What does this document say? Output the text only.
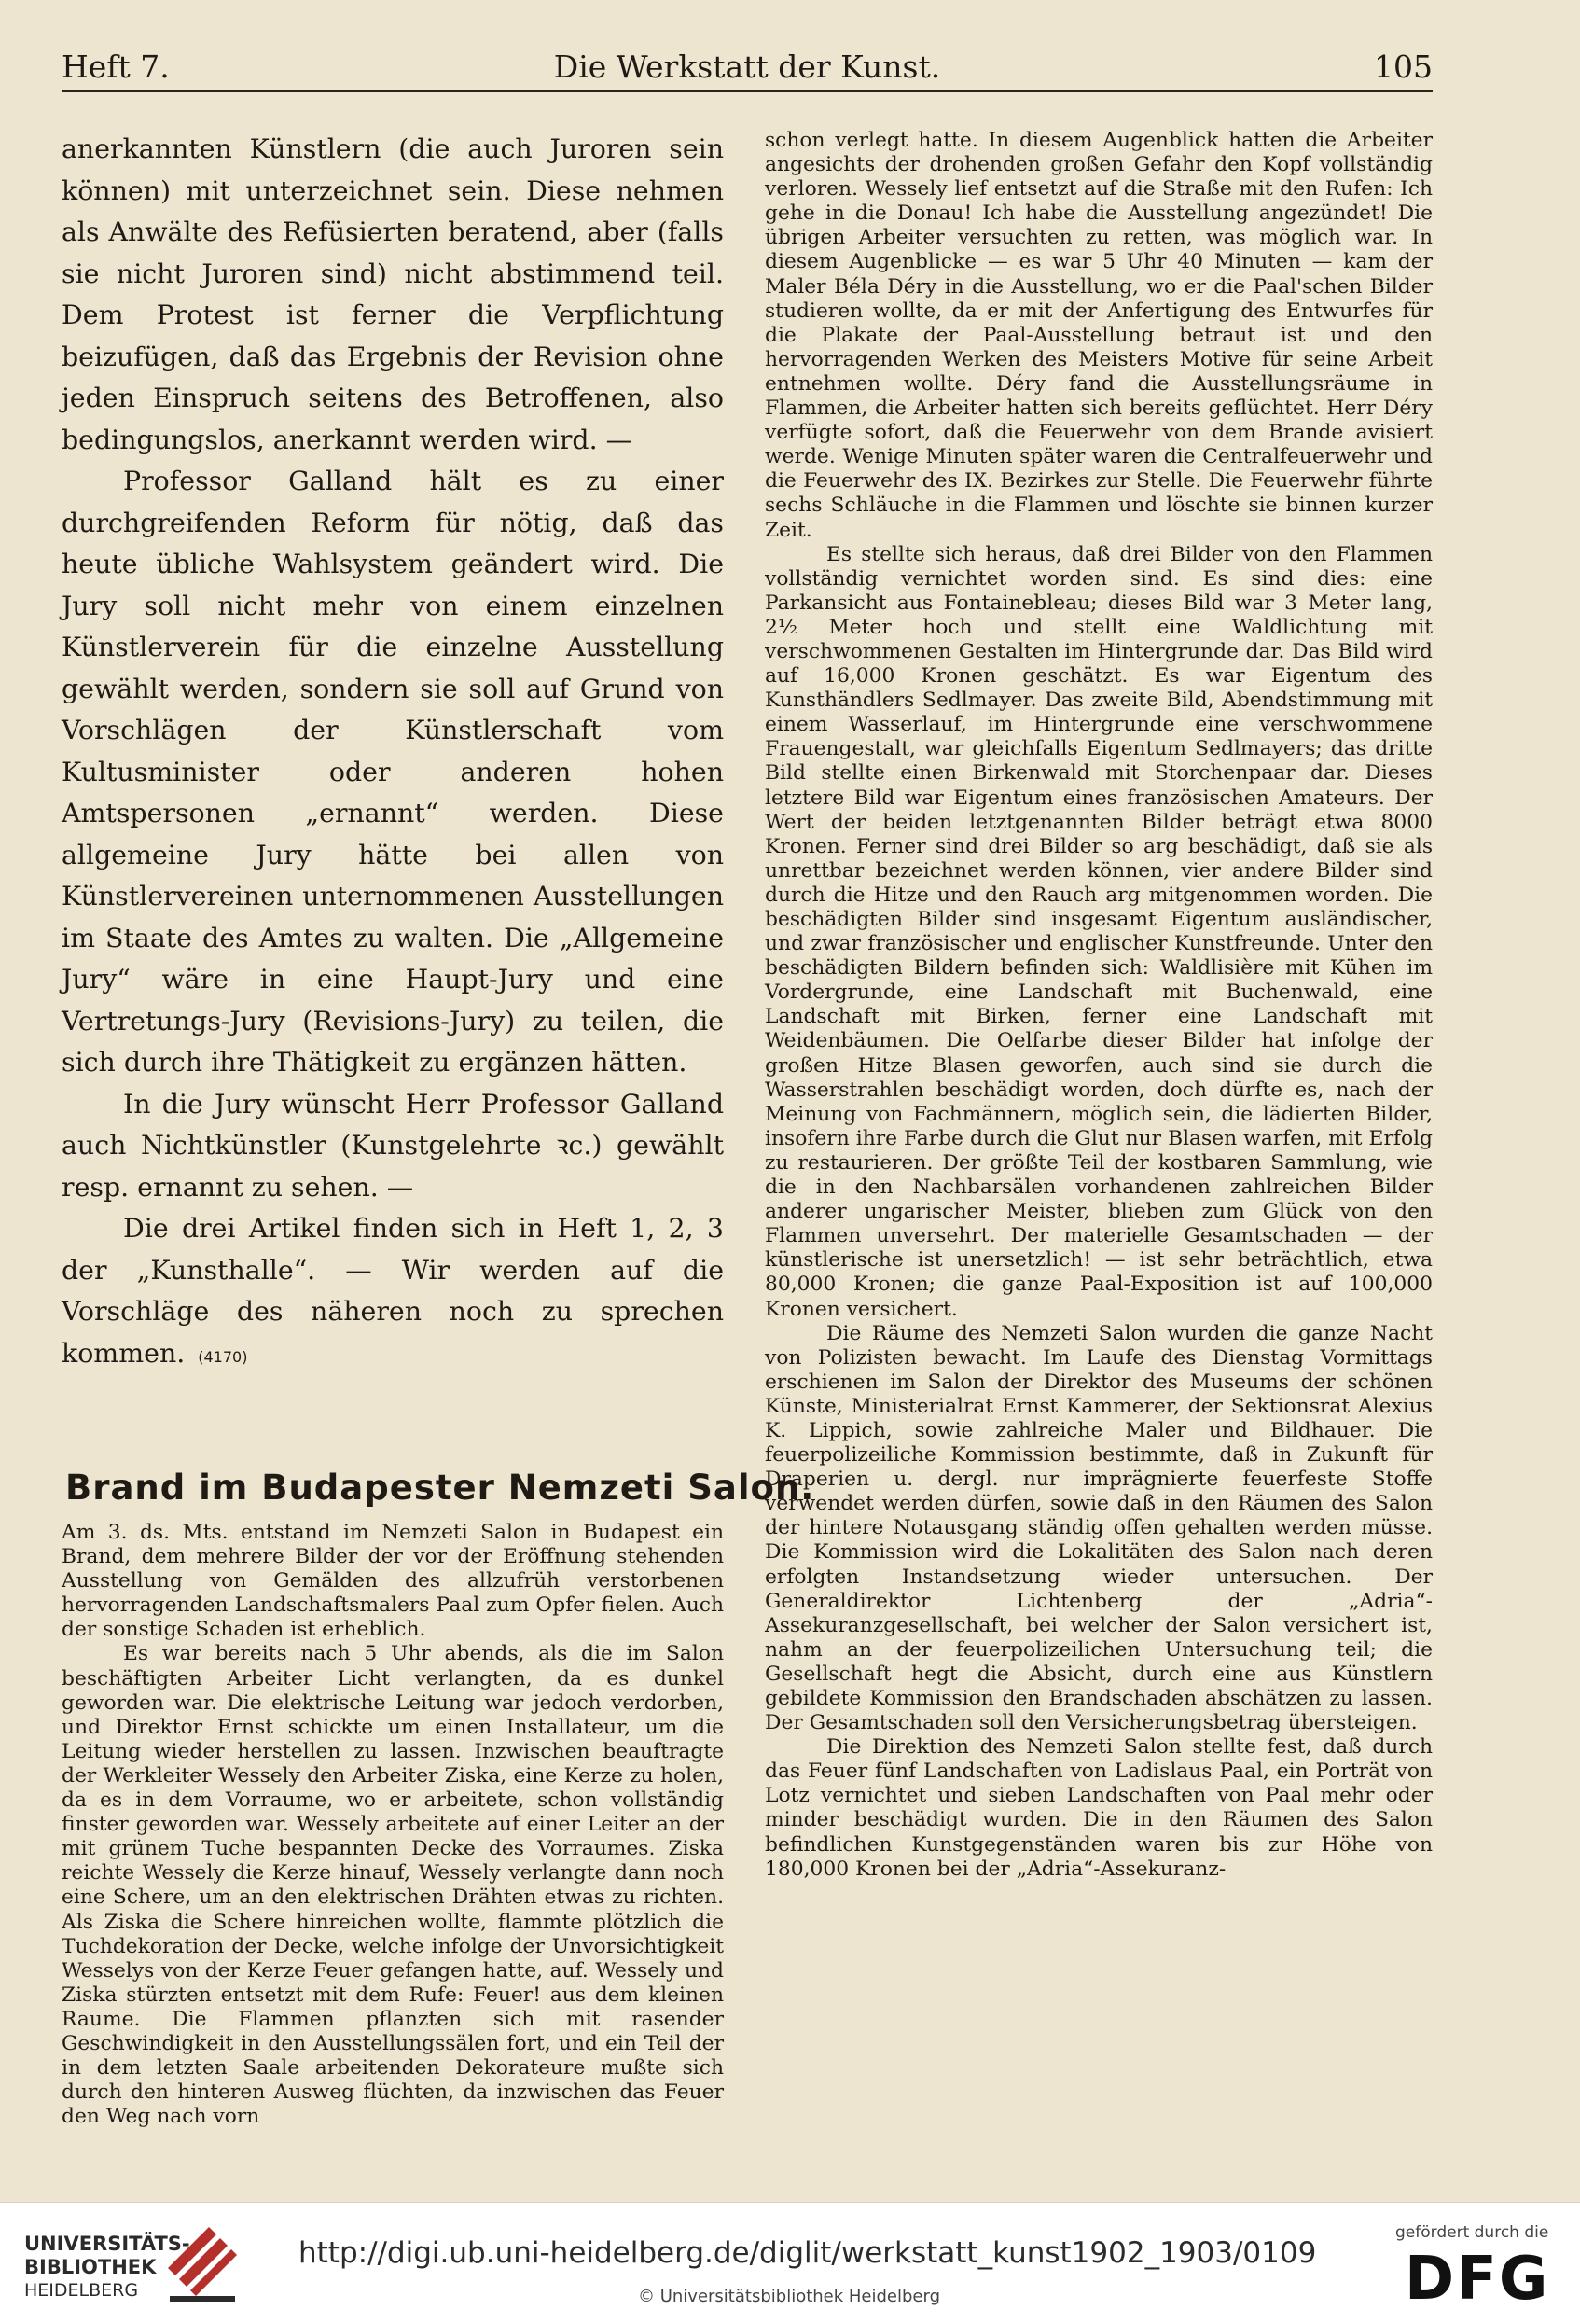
Heft 7.	Die Werkstatt der Kunst.	105

anerkannten Künstlern (die auch Juroren sein können) mit unterzeichnet sein. Diese nehmen als Anwälte des Refüsierten beratend, aber (falls sie nicht Juroren sind) nicht abstimmend teil. Dem Protest ist ferner die Verpflichtung beizufügen, daß das Ergebnis der Revision ohne jeden Einspruch seitens des Betroffenen, also bedingungslos, anerkannt werden wird. —

Professor Galland hält es zu einer durchgreifenden Reform für nötig, daß das heute übliche Wahlsystem geändert wird. Die Jury soll nicht mehr von einem einzelnen Künstlerverein für die einzelne Ausstellung gewählt werden, sondern sie soll auf Grund von Vorschlägen der Künstlerschaft vom Kultusminister oder anderen hohen Amtspersonen „ernannt“ werden. Diese allgemeine Jury hätte bei allen von Künstlervereinen unternommenen Ausstellungen im Staate des Amtes zu walten. Die „Allgemeine Jury“ wäre in eine Haupt-Jury und eine Vertretungs-Jury (Revisions-Jury) zu teilen, die sich durch ihre Thätigkeit zu ergänzen hätten.

In die Jury wünscht Herr Professor Galland auch Nichtkünstler (Kunstgelehrte ꝛc.) gewählt resp. ernannt zu sehen. —

Die drei Artikel finden sich in Heft 1, 2, 3 der „Kunsthalle“. — Wir werden auf die Vorschläge des näheren noch zu sprechen kommen. (4170)

Brand im Budapester Nemzeti Salon.

Am 3. ds. Mts. entstand im Nemzeti Salon in Budapest ein Brand, dem mehrere Bilder der vor der Eröffnung stehenden Ausstellung von Gemälden des allzufrüh verstorbenen hervorragenden Landschaftsmalers Paal zum Opfer fielen. Auch der sonstige Schaden ist erheblich.

Es war bereits nach 5 Uhr abends, als die im Salon beschäftigten Arbeiter Licht verlangten, da es dunkel geworden war. Die elektrische Leitung war jedoch verdorben, und Direktor Ernst schickte um einen Installateur, um die Leitung wieder herstellen zu lassen. Inzwischen beauftragte der Werkleiter Wessely den Arbeiter Ziska, eine Kerze zu holen, da es in dem Vorraume, wo er arbeitete, schon vollständig finster geworden war. Wessely arbeitete auf einer Leiter an der mit grünem Tuche bespannten Decke des Vorraumes. Ziska reichte Wessely die Kerze hinauf, Wessely verlangte dann noch eine Schere, um an den elektrischen Drähten etwas zu richten. Als Ziska die Schere hinreichen wollte, flammte plötzlich die Tuchdekoration der Decke, welche infolge der Unvorsichtigkeit Wesselys von der Kerze Feuer gefangen hatte, auf. Wessely und Ziska stürzten entsetzt mit dem Rufe: Feuer! aus dem kleinen Raume. Die Flammen pflanzten sich mit rasender Geschwindigkeit in den Ausstellungssälen fort, und ein Teil der in dem letzten Saale arbeitenden Dekorateure mußte sich durch den hinteren Ausweg flüchten, da inzwischen das Feuer den Weg nach vorn

schon verlegt hatte. In diesem Augenblick hatten die Arbeiter angesichts der drohenden großen Gefahr den Kopf vollständig verloren. Wessely lief entsetzt auf die Straße mit den Rufen: Ich gehe in die Donau! Ich habe die Ausstellung angezündet! Die übrigen Arbeiter versuchten zu retten, was möglich war. In diesem Augenblicke — es war 5 Uhr 40 Minuten — kam der Maler Béla Déry in die Ausstellung, wo er die Paal'schen Bilder studieren wollte, da er mit der Anfertigung des Entwurfes für die Plakate der Paal-Ausstellung betraut ist und den hervorragenden Werken des Meisters Motive für seine Arbeit entnehmen wollte. Déry fand die Ausstellungsräume in Flammen, die Arbeiter hatten sich bereits geflüchtet. Herr Déry verfügte sofort, daß die Feuerwehr von dem Brande avisiert werde. Wenige Minuten später waren die Centralfeuerwehr und die Feuerwehr des IX. Bezirkes zur Stelle. Die Feuerwehr führte sechs Schläuche in die Flammen und löschte sie binnen kurzer Zeit.

Es stellte sich heraus, daß drei Bilder von den Flammen vollständig vernichtet worden sind. Es sind dies: eine Parkansicht aus Fontainebleau; dieses Bild war 3 Meter lang, 2½ Meter hoch und stellt eine Waldlichtung mit verschwommenen Gestalten im Hintergrunde dar. Das Bild wird auf 16,000 Kronen geschätzt. Es war Eigentum des Kunsthändlers Sedlmayer. Das zweite Bild, Abendstimmung mit einem Wasserlauf, im Hintergrunde eine verschwommene Frauengestalt, war gleichfalls Eigentum Sedlmayers; das dritte Bild stellte einen Birkenwald mit Storchenpaar dar. Dieses letztere Bild war Eigentum eines französischen Amateurs. Der Wert der beiden letztgenannten Bilder beträgt etwa 8000 Kronen. Ferner sind drei Bilder so arg beschädigt, daß sie als unrettbar bezeichnet werden können, vier andere Bilder sind durch die Hitze und den Rauch arg mitgenommen worden. Die beschädigten Bilder sind insgesamt Eigentum ausländischer, und zwar französischer und englischer Kunstfreunde. Unter den beschädigten Bildern befinden sich: Waldlisière mit Kühen im Vordergrunde, eine Landschaft mit Buchenwald, eine Landschaft mit Birken, ferner eine Landschaft mit Weidenbäumen. Die Oelfarbe dieser Bilder hat infolge der großen Hitze Blasen geworfen, auch sind sie durch die Wasserstrahlen beschädigt worden, doch dürfte es, nach der Meinung von Fachmännern, möglich sein, die lädierten Bilder, insofern ihre Farbe durch die Glut nur Blasen warfen, mit Erfolg zu restaurieren. Der größte Teil der kostbaren Sammlung, wie die in den Nachbarsälen vorhandenen zahlreichen Bilder anderer ungarischer Meister, blieben zum Glück von den Flammen unversehrt. Der materielle Gesamtschaden — der künstlerische ist unersetzlich! — ist sehr beträchtlich, etwa 80,000 Kronen; die ganze Paal-Exposition ist auf 100,000 Kronen versichert.

Die Räume des Nemzeti Salon wurden die ganze Nacht von Polizisten bewacht. Im Laufe des Dienstag Vormittags erschienen im Salon der Direktor des Museums der schönen Künste, Ministerialrat Ernst Kammerer, der Sektionsrat Alexius K. Lippich, sowie zahlreiche Maler und Bildhauer. Die feuerpolizeiliche Kommission bestimmte, daß in Zukunft für Draperien u. dergl. nur imprägnierte feuerfeste Stoffe verwendet werden dürfen, sowie daß in den Räumen des Salon der hintere Notausgang ständig offen gehalten werden müsse. Die Kommission wird die Lokalitäten des Salon nach deren erfolgten Instandsetzung wieder untersuchen. Der Generaldirektor Lichtenberg der „Adria“-Assekuranzgesellschaft, bei welcher der Salon versichert ist, nahm an der feuerpolizeilichen Untersuchung teil; die Gesellschaft hegt die Absicht, durch eine aus Künstlern gebildete Kommission den Brandschaden abschätzen zu lassen. Der Gesamtschaden soll den Versicherungsbetrag übersteigen.

Die Direktion des Nemzeti Salon stellte fest, daß durch das Feuer fünf Landschaften von Ladislaus Paal, ein Porträt von Lotz vernichtet und sieben Landschaften von Paal mehr oder minder beschädigt wurden. Die in den Räumen des Salon befindlichen Kunstgegenständen waren bis zur Höhe von 180,000 Kronen bei der „Adria“-Assekuranz-

UNIVERSITÄTS-
BIBLIOTHEK
HEIDELBERG
http://digi.ub.uni-heidelberg.de/diglit/werkstatt_kunst1902_1903/0109
© Universitätsbibliothek Heidelberg
gefördert durch die
DFG
